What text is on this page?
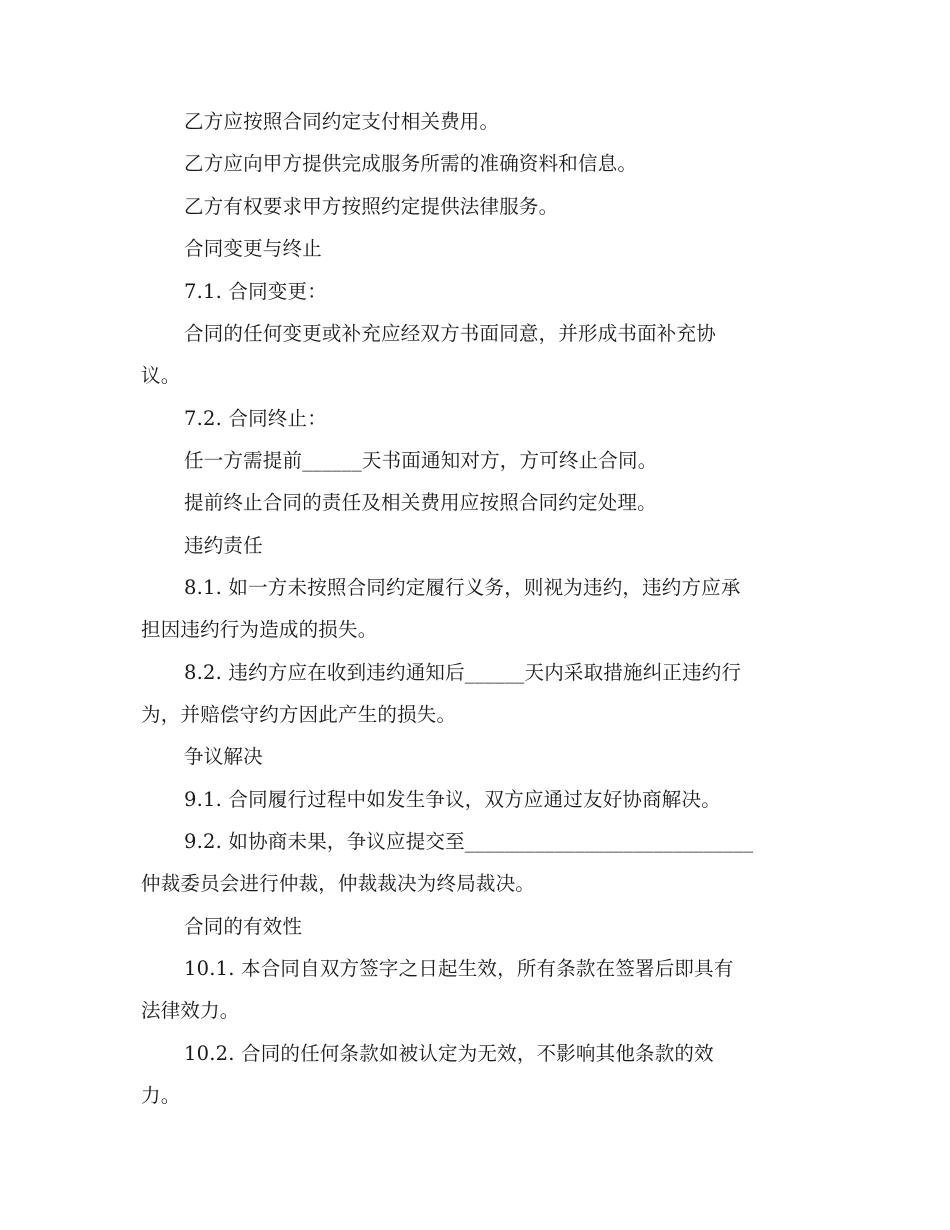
乙方应按照合同约定支付相关费用。
乙方应向甲方提供完成服务所需的准确资料和信息。
乙方有权要求甲方按照约定提供法律服务。
合同变更与终止
7.1. 合同变更：
合同的任何变更或补充应经双方书面同意，并形成书面补充协
议。
7.2. 合同终止：
任一方需提前______天书面通知对方，方可终止合同。
提前终止合同的责任及相关费用应按照合同约定处理。
违约责任
8.1. 如一方未按照合同约定履行义务，则视为违约，违约方应承
担因违约行为造成的损失。
8.2. 违约方应在收到违约通知后______天内采取措施纠正违约行
为，并赔偿守约方因此产生的损失。
争议解决
9.1. 合同履行过程中如发生争议，双方应通过友好协商解决。
9.2. 如协商未果，争议应提交至_____________________________
仲裁委员会进行仲裁，仲裁裁决为终局裁决。
合同的有效性
10.1. 本合同自双方签字之日起生效，所有条款在签署后即具有
法律效力。
10.2. 合同的任何条款如被认定为无效，不影响其他条款的效
力。
